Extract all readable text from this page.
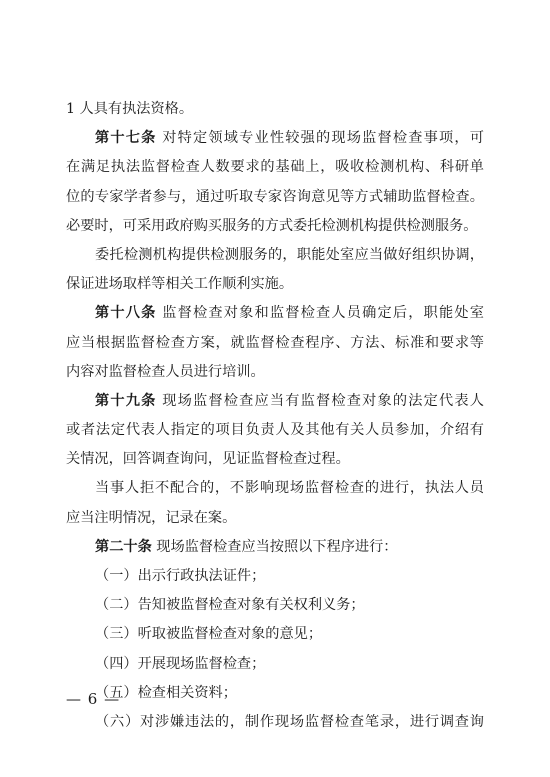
1 人具有执法资格。
第十七条 对特定领域专业性较强的现场监督检查事项，可
在满足执法监督检查人数要求的基础上，吸收检测机构、科研单
位的专家学者参与，通过听取专家咨询意见等方式辅助监督检查。
必要时，可采用政府购买服务的方式委托检测机构提供检测服务。
委托检测机构提供检测服务的，职能处室应当做好组织协调，
保证进场取样等相关工作顺利实施。
第十八条 监督检查对象和监督检查人员确定后，职能处室
应当根据监督检查方案，就监督检查程序、方法、标准和要求等
内容对监督检查人员进行培训。
第十九条 现场监督检查应当有监督检查对象的法定代表人
或者法定代表人指定的项目负责人及其他有关人员参加，介绍有
关情况，回答调查询问，见证监督检查过程。
当事人拒不配合的，不影响现场监督检查的进行，执法人员
应当注明情况，记录在案。
第二十条 现场监督检查应当按照以下程序进行：
（一）出示行政执法证件；
（二）告知被监督检查对象有关权利义务；
（三）听取被监督检查对象的意见；
（四）开展现场监督检查；
（五）检查相关资料；
（六）对涉嫌违法的，制作现场监督检查笔录，进行调查询
— 6 —
